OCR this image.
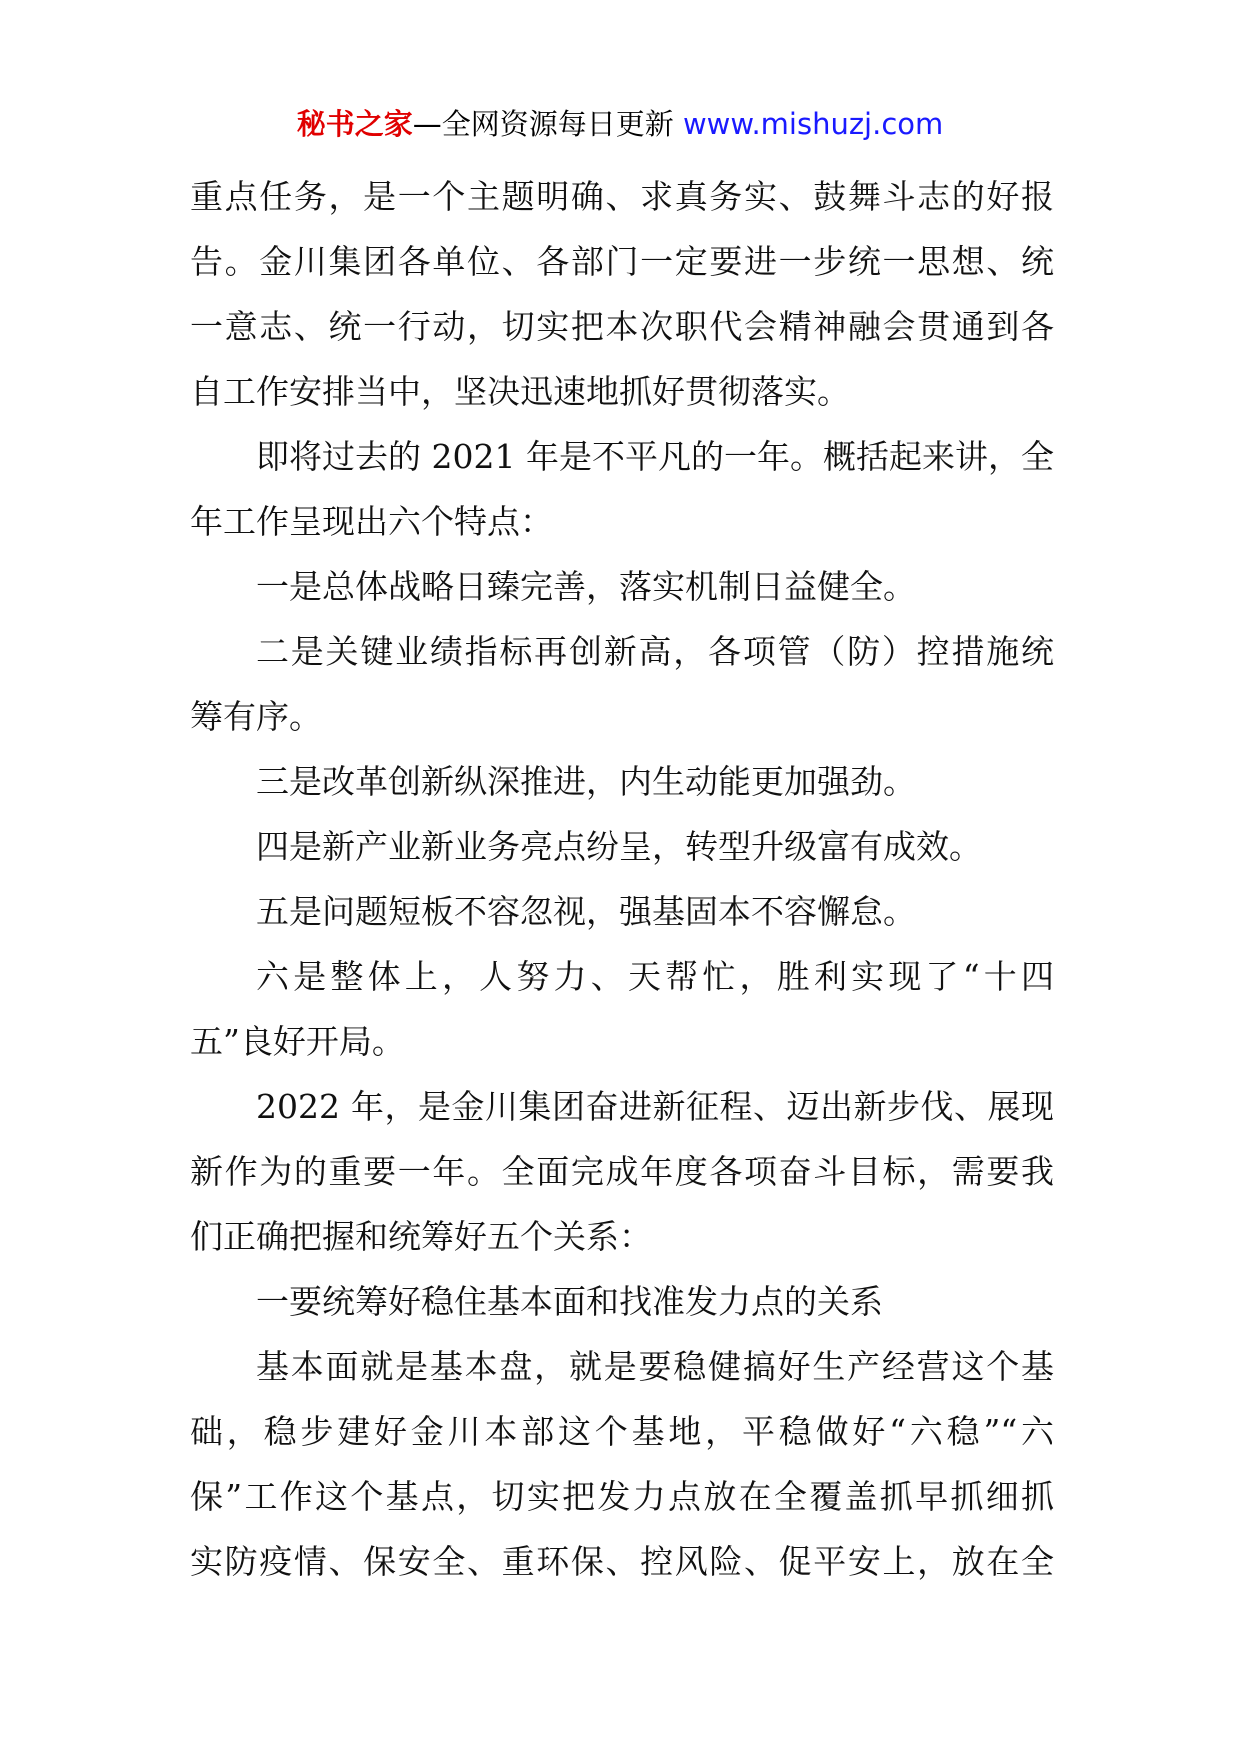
秘书之家—全网资源每日更新 www.mishuzj.com
重点任务，是一个主题明确、求真务实、鼓舞斗志的好报
告。金川集团各单位、各部门一定要进一步统一思想、统
一意志、统一行动，切实把本次职代会精神融会贯通到各
自工作安排当中，坚决迅速地抓好贯彻落实。
即将过去的 2021 年是不平凡的一年。概括起来讲，全
年工作呈现出六个特点：
一是总体战略日臻完善，落实机制日益健全。
二是关键业绩指标再创新高，各项管（防）控措施统
筹有序。
三是改革创新纵深推进，内生动能更加强劲。
四是新产业新业务亮点纷呈，转型升级富有成效。
五是问题短板不容忽视，强基固本不容懈怠。
六是整体上，人努力、天帮忙，胜利实现了“十四
五”良好开局。
2022 年，是金川集团奋进新征程、迈出新步伐、展现
新作为的重要一年。全面完成年度各项奋斗目标，需要我
们正确把握和统筹好五个关系：
一要统筹好稳住基本面和找准发力点的关系
基本面就是基本盘，就是要稳健搞好生产经营这个基
础，稳步建好金川本部这个基地，平稳做好“六稳”“六
保”工作这个基点，切实把发力点放在全覆盖抓早抓细抓
实防疫情、保安全、重环保、控风险、促平安上，放在全
